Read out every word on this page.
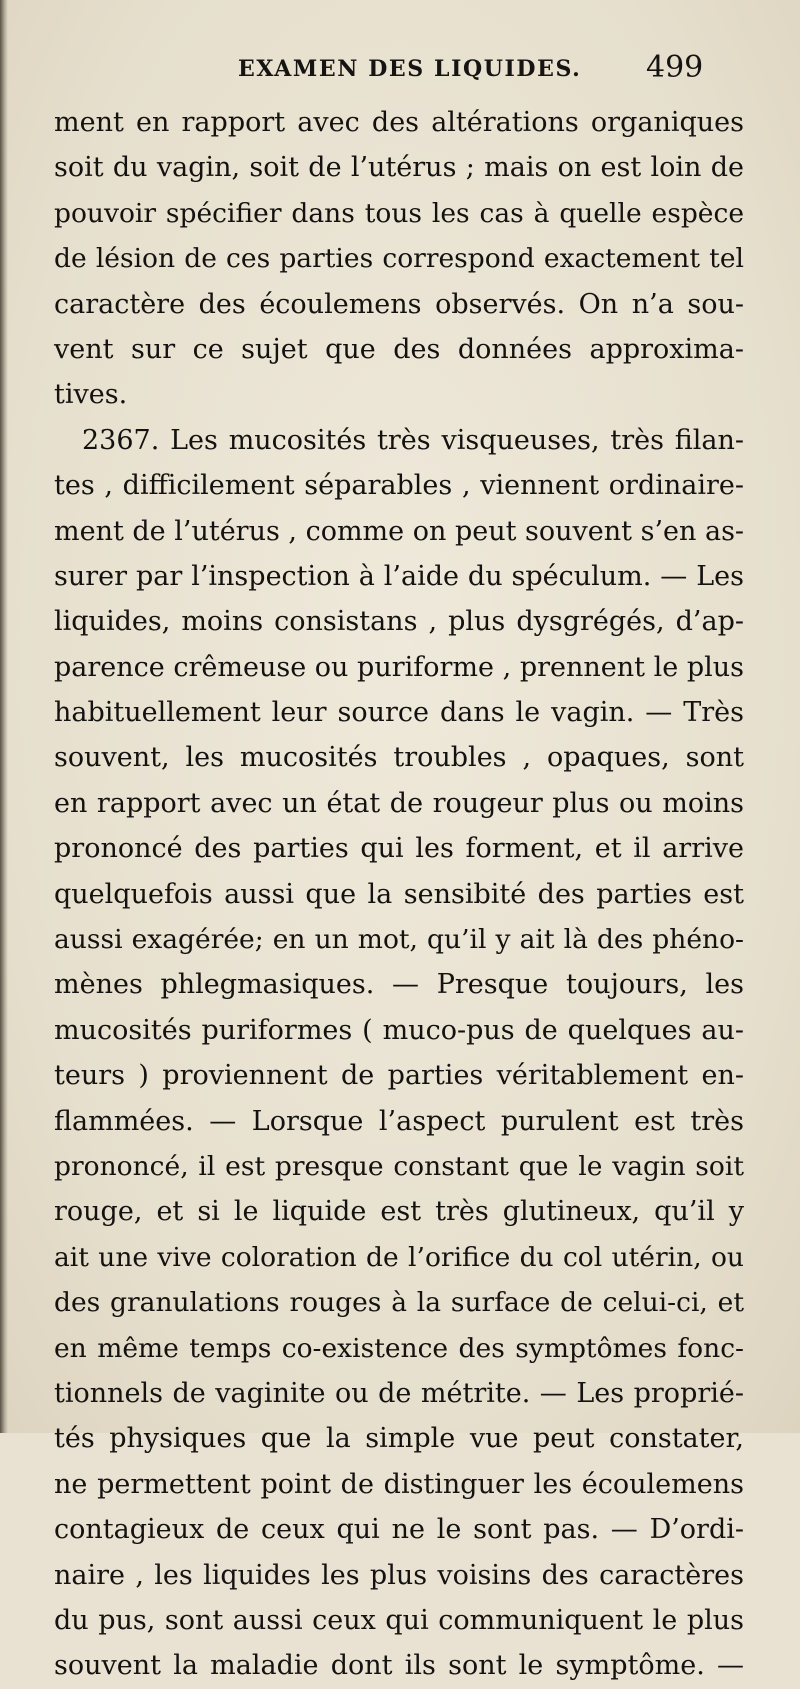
EXAMEN DES LIQUIDES. 499
ment en rapport avec des altérations organiques
soit du vagin, soit de l’utérus ; mais on est loin de
pouvoir spécifier dans tous les cas à quelle espèce
de lésion de ces parties correspond exactement tel
caractère des écoulemens observés. On n’a sou-
vent sur ce sujet que des données approxima-
tives.
2367. Les mucosités très visqueuses, très filan-
tes , difficilement séparables , viennent ordinaire-
ment de l’utérus , comme on peut souvent s’en as-
surer par l’inspection à l’aide du spéculum. — Les
liquides, moins consistans , plus dysgrégés, d’ap-
parence crêmeuse ou puriforme , prennent le plus
habituellement leur source dans le vagin. — Très
souvent, les mucosités troubles , opaques, sont
en rapport avec un état de rougeur plus ou moins
prononcé des parties qui les forment, et il arrive
quelquefois aussi que la sensibité des parties est
aussi exagérée; en un mot, qu’il y ait là des phéno-
mènes phlegmasiques. — Presque toujours, les
mucosités puriformes ( muco-pus de quelques au-
teurs ) proviennent de parties véritablement en-
flammées. — Lorsque l’aspect purulent est très
prononcé, il est presque constant que le vagin soit
rouge, et si le liquide est très glutineux, qu’il y
ait une vive coloration de l’orifice du col utérin, ou
des granulations rouges à la surface de celui-ci, et
en même temps co-existence des symptômes fonc-
tionnels de vaginite ou de métrite. — Les proprié-
tés physiques que la simple vue peut constater,
ne permettent point de distinguer les écoulemens
contagieux de ceux qui ne le sont pas. — D’ordi-
naire , les liquides les plus voisins des caractères
du pus, sont aussi ceux qui communiquent le plus
souvent la maladie dont ils sont le symptôme. —
